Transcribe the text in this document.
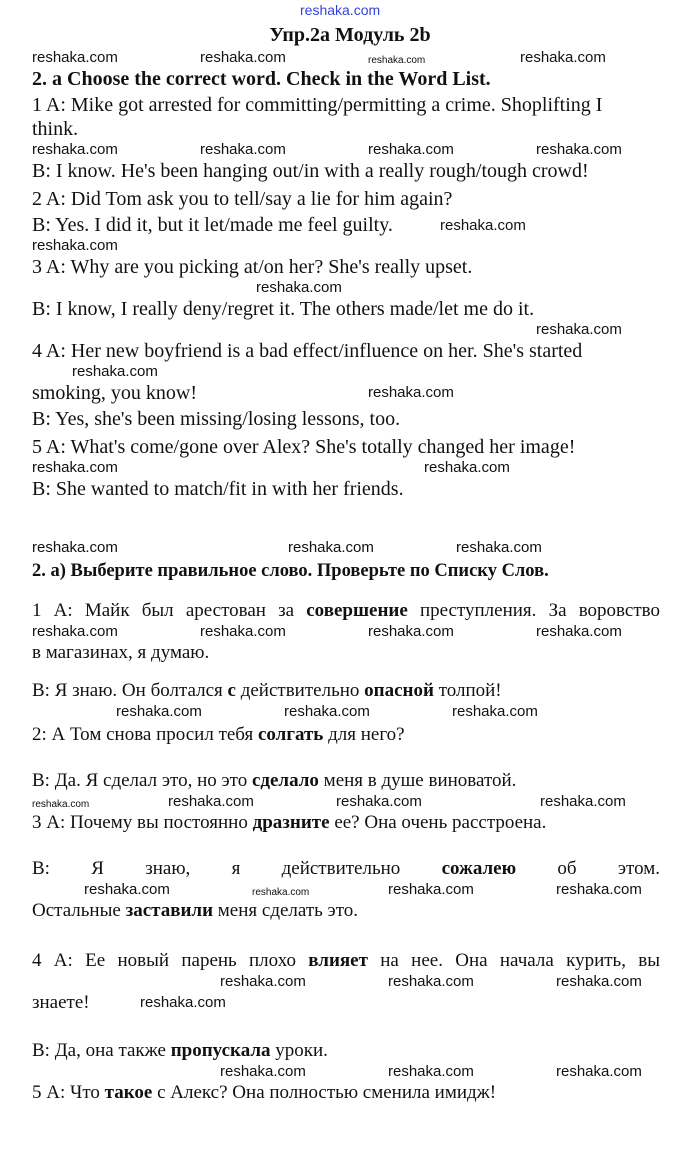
reshaka.com
Упр.2а Модуль 2b
2. a Choose the correct word. Check in the Word List.
2. а) Выберите правильное слово. Проверьте по Списку Слов.
1 A: Mike got arrested for committing/permitting a crime. Shoplifting I
think.
B: I know. He's been hanging out/in with a really rough/tough crowd!
2 A: Did Tom ask you to tell/say a lie for him again?
B: Yes. I did it, but it let/made me feel guilty.
3 A: Why are you picking at/on her? She's really upset.
B: I know, I really deny/regret it. The others made/let me do it.
4 A: Her new boyfriend is a bad effect/influence on her. She's started
smoking, you know!
B: Yes, she's been missing/losing lessons, too.
5 A: What's come/gone over Alex? She's totally changed her image!
B: She wanted to match/fit in with her friends.
1 А: Майк был арестован за совершение преступления. За воровство
в магазинах, я думаю.
В: Я знаю. Он болтался с действительно опасной толпой!
2: А Том снова просил тебя солгать для него?
В: Да. Я сделал это, но это сделало меня в душе виноватой.
3 А: Почему вы постоянно дразните ее? Она очень расстроена.
В: Я знаю, я действительно сожалею об этом.
Остальные заставили меня сделать это.
4 А: Ее новый парень плохо влияет на нее. Она начала курить, вы
знаете!
В: Да, она также пропускала уроки.
5 А: Что такое с Алекс? Она полностью сменила имидж!
reshaka.com	reshaka.com	reshaka.com	reshaka.com
reshaka.com	reshaka.com	reshaka.com	reshaka.com
reshaka.com
reshaka.com
reshaka.com
reshaka.com
reshaka.com
reshaka.com
reshaka.com	reshaka.com
reshaka.com	reshaka.com	reshaka.com
reshaka.com	reshaka.com	reshaka.com	reshaka.com
reshaka.com	reshaka.com	reshaka.com
reshaka.com	reshaka.com	reshaka.com	reshaka.com
reshaka.com	reshaka.com	reshaka.com	reshaka.com
reshaka.com	reshaka.com	reshaka.com
reshaka.com
reshaka.com	reshaka.com	reshaka.com
